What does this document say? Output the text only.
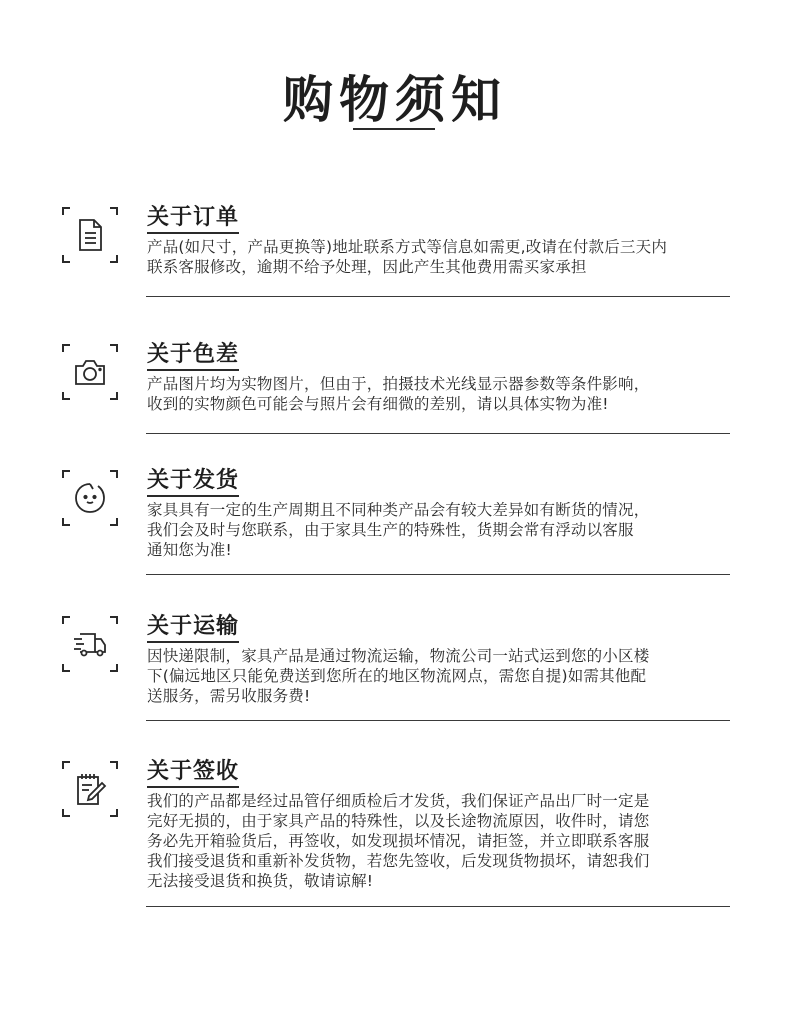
购物须知
关于订单

产品(如尺寸，产品更换等)地址联系方式等信息如需更,改请在付款后三天内
联系客服修改，逾期不给予处理，因此产生其他费用需买家承担

关于色差

产品图片均为实物图片，但由于，拍摄技术光线显示器参数等条件影响，
收到的实物颜色可能会与照片会有细微的差别，请以具体实物为准!

关于发货

家具具有一定的生产周期且不同种类产品会有较大差异如有断货的情况，
我们会及时与您联系，由于家具生产的特殊性，货期会常有浮动以客服
通知您为准!

关于运输

因快递限制，家具产品是通过物流运输，物流公司一站式运到您的小区楼
下(偏远地区只能免费送到您所在的地区物流网点，需您自提)如需其他配
送服务，需另收服务费!

关于签收

我们的产品都是经过品管仔细质检后才发货，我们保证产品出厂时一定是
完好无损的，由于家具产品的特殊性，以及长途物流原因，收件时，请您
务必先开箱验货后，再签收，如发现损坏情况，请拒签，并立即联系客服
我们接受退货和重新补发货物，若您先签收，后发现货物损坏，请恕我们
无法接受退货和换货，敬请谅解!
